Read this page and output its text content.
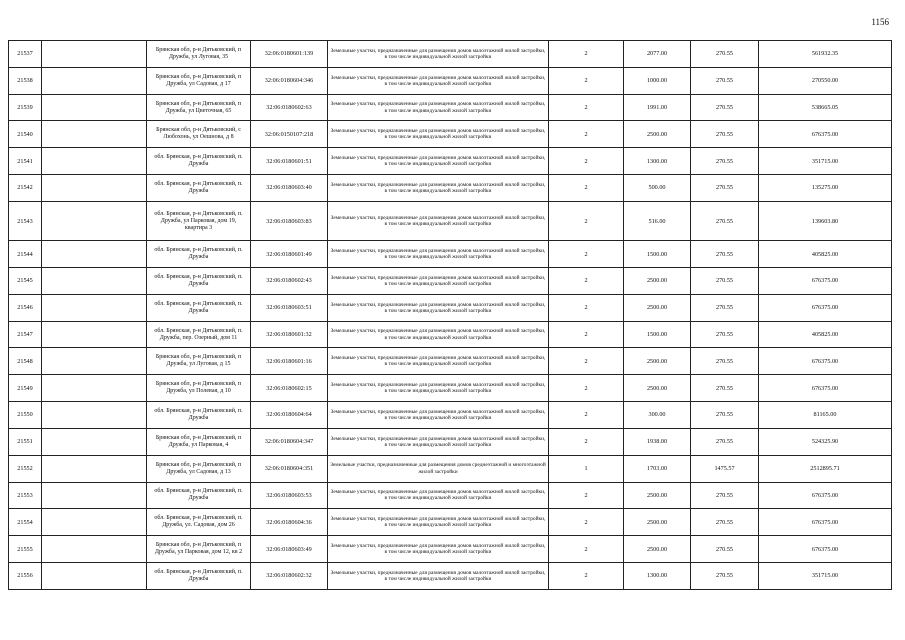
1156
21537		Брянская обл, р-н Дятьковский, п Дружба, ул Луговая, 35	32:06:0180601:139	Земельные участки, предназначенные для размещения домов малоэтажной жилой застройки, в том числе индивидуальной жилой застройки	2	2077.00	270.55	561932.35
21538		Брянская обл, р-н Дятьковский, п Дружба, ул Садовая, д 17	32:06:0180604:346	Земельные участки, предназначенные для размещения домов малоэтажной жилой застройки, в том числе индивидуальной жилой застройки	2	1000.00	270.55	270550.00
21539		Брянская обл, р-н Дятьковский, п Дружба, ул Цветочная, 65	32:06:0180602:63	Земельные участки, предназначенные для размещения домов малоэтажной жилой застройки, в том числе индивидуальной жилой застройки	2	1991.00	270.55	538665.05
21540		Брянская обл, р-н Дятьковский, с Любохонь, ул Оешнова, д 8	32:06:0150107:218	Земельные участки, предназначенные для размещения домов малоэтажной жилой застройки, в том числе индивидуальной жилой застройки	2	2500.00	270.55	676375.00
21541		обл. Брянская, р-н Дятьковский, п. Дружба	32:06:0180601:51	Земельные участки, предназначенные для размещения домов малоэтажной жилой застройки, в том числе индивидуальной жилой застройки	2	1300.00	270.55	351715.00
21542		обл. Брянская, р-н Дятьковский, п. Дружба	32:06:0180603:40	Земельные участки, предназначенные для размещения домов малоэтажной жилой застройки, в том числе индивидуальной жилой застройки	2	500.00	270.55	135275.00
21543		обл. Брянская, р-н Дятьковский, п. Дружба, ул Парковая, дом 19, квартира 3	32:06:0180603:83	Земельные участки, предназначенные для размещения домов малоэтажной жилой застройки, в том числе индивидуальной жилой застройки	2	516.00	270.55	139603.80
21544		обл. Брянская, р-н Дятьковский, п. Дружба	32:06:0180601:49	Земельные участки, предназначенные для размещения домов малоэтажной жилой застройки, в том числе индивидуальной жилой застройки	2	1500.00	270.55	405825.00
21545		обл. Брянская, р-н Дятьковский, п. Дружба	32:06:0180602:43	Земельные участки, предназначенные для размещения домов малоэтажной жилой застройки, в том числе индивидуальной жилой застройки	2	2500.00	270.55	676375.00
21546		обл. Брянская, р-н Дятьковский, п. Дружба	32:06:0180603:51	Земельные участки, предназначенные для размещения домов малоэтажной жилой застройки, в том числе индивидуальной жилой застройки	2	2500.00	270.55	676375.00
21547		обл. Брянская, р-н Дятьковский, п. Дружба, пер. Озерный, дом 11	32:06:0180601:32	Земельные участки, предназначенные для размещения домов малоэтажной жилой застройки, в том числе индивидуальной жилой застройки	2	1500.00	270.55	405825.00
21548		Брянская обл, р-н Дятьковский, п Дружба, ул Луговая, д 15	32:06:0180601:16	Земельные участки, предназначенные для размещения домов малоэтажной жилой застройки, в том числе индивидуальной жилой застройки	2	2500.00	270.55	676375.00
21549		Брянская обл, р-н Дятьковский, п Дружба, ул Полевая, д 10	32:06:0180602:15	Земельные участки, предназначенные для размещения домов малоэтажной жилой застройки, в том числе индивидуальной жилой застройки	2	2500.00	270.55	676375.00
21550		обл. Брянская, р-н Дятьковский, п. Дружба	32:06:0180604:64	Земельные участки, предназначенные для размещения домов малоэтажной жилой застройки, в том числе индивидуальной жилой застройки	2	300.00	270.55	81165.00
21551		Брянская обл, р-н Дятьковский, п Дружба, ул Парковая, 4	32:06:0180604:347	Земельные участки, предназначенные для размещения домов малоэтажной жилой застройки, в том числе индивидуальной жилой застройки	2	1938.00	270.55	524325.90
21552		Брянская обл, р-н Дятьковский, п Дружба, ул Садовая, д 13	32:06:0180604:351	Земельные участки, предназначенные для размещения домов среднеэтажной и многоэтажной жилой застройки	1	1703.00	1475.57	2512895.71
21553		обл. Брянская, р-н Дятьковский, п. Дружба	32:06:0180603:53	Земельные участки, предназначенные для размещения домов малоэтажной жилой застройки, в том числе индивидуальной жилой застройки	2	2500.00	270.55	676375.00
21554		обл. Брянская, р-н Дятьковский, п. Дружба, ул. Садовая, дом 26	32:06:0180604:36	Земельные участки, предназначенные для размещения домов малоэтажной жилой застройки, в том числе индивидуальной жилой застройки	2	2500.00	270.55	676375.00
21555		Брянская обл, р-н Дятьковский, п Дружба, ул Парковая, дом 12, кв 2	32:06:0180603:49	Земельные участки, предназначенные для размещения домов малоэтажной жилой застройки, в том числе индивидуальной жилой застройки	2	2500.00	270.55	676375.00
21556		обл. Брянская, р-н Дятьковский, п. Дружба	32:06:0180602:32	Земельные участки, предназначенные для размещения домов малоэтажной жилой застройки, в том числе индивидуальной жилой застройки	2	1300.00	270.55	351715.00
